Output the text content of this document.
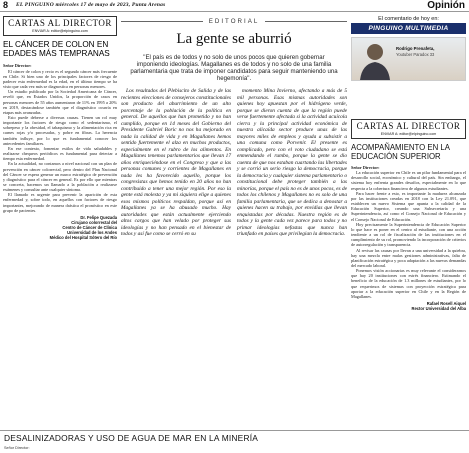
8 EL PINGUINO miércoles 17 de mayo de 2023, Punta Arenas	Opinión
CARTAS AL DIRECTOR
ENVIAR A: editor@elpinguino.com
EL CÁNCER DE COLON EN EDADES MÁS TEMPRANAS
Señor Director:

El cáncer de colon y recto es el segundo cáncer más frecuente en Chile. Si bien uno de los principales factores de riesgo de padecer esta enfermedad es la edad, en el último tiempo se ha visto que cada vez más se diagnostica en personas menores.

Un estudio publicado por la Sociedad Americana de Cáncer, reveló que, en Estados Unidos, la proporción de casos en personas menores de 55 años aumentaron de 11% en 1995 a 20% en 2019, destacándose también que el diagnóstico ocurría en etapas más avanzadas.

Esto puede deberse a diversas causas. Tienen un rol muy importante los factores de riesgo como el sedentarismo, el sobrepeso y la obesidad, el tabaquismo y la alimentación rica en carnes rojas y/o procesadas, y pobre en fibras. La herencia también influye, por lo que es fundamental conocer los antecedentes familiares.

En ese contexto, fomentar estilos de vida saludables y realizarse chequeos periódicos es fundamental para detectar a tiempo esta enfermedad.

En la actualidad, no contamos a nivel nacional con un plan de prevención en cáncer colorrectal, pero dentro del Plan Nacional del Cáncer se espera generar un marco estratégico de prevención y diagnóstico para el cáncer en general. Es por ello que mientras se concreta, hacemos un llamado a la población a realizarse exámenes y consultar ante cualquier síntoma.

El llamado es urgente para prevenir la aparición de esta enfermedad y, sobre todo, en aquellos con factores de riesgo importantes, mejorando de manera drástica el pronóstico en este grupo de pacientes.

Dr. Felipe Quezada
Cirujano colorrectal del
Centro de Cáncer de Clínica
Universidad de los Andes
Médico del Hospital Sótero del Río
EDITORIAL
La gente se aburrió
"El país es de todos y no solo de unos pocos que quieren gobernar imponiendo ideologías. Magallanes es de todos y no solo de una familia parlamentaria que trata de imponer candidatos para seguir manteniendo una hegemonía".

Los resultados del Plebiscito de Salida y de las recientes elecciones de consejeros constitucionales son producto del aburrimiento de un alto porcentaje de la población de la política en general. De aquellos que han prometido y no han cumplido, porque en 14 meses del Gobierno del Presidente Gabriel Boric no nos ha mejorado en nada la calidad de vida y en Magallanes hemos sentido fuertemente el alza en muchos productos, especialmente en el rubro de los alimentos. En Magallanes tenemos parlamentarios que llevan 17 años enriqueciéndose en el Congreso y que a las personas comunes y corrientes de Magallanes en nada les ha favorecido aquello, porque los congresistas que hemos tenido en 20 años no han contribuido a tener una mejor región. Por eso la gente está molesta y ya mi siquiera elige a quienes esos mismos políticos respaldan, porque así en Magallanes ya se ha abusado mucho. Hay autoridades que están actualmente ejerciendo altos cargos que han velado por proteger sus ideologías y no han pensado en el bienestar de todos y así fue como se cerró en su

momento Mina Invierno, afectando a más de 5 mil personas. Esas mismas autoridades son quienes hoy apuestan por el hidrógeno verde, porque se dieron cuenta de que la región puede verse fuertemente afectada si la actividad acuícola cierra y la principal actividad económica de nuestra alicaída sector produce unas de las mayores miles de empleos y ayuda a subsistir a una comuna como Porvenir. El presente es complicado, pero con el voto ciudadano se está enmendando el rumbo, porque la gente se dio cuenta de que nos estaban cuartando las libertades y se corrió un serio riesgo la democracia, porque la democracia y cualquier sistema parlamentario o constitucional debe proteger también a las minorías, porque el país no es de unos pocos, es de todos los chilenos y Magallanes no es solo de una familia parlamentaria, que se dedica a denostar a quienes hacen su trabajo, por envidias que llevan enquistadas por décadas. Nuestra región es de todos y la gente cada vez parece para todos y no primar ideologías nefastas que nunca han triunfado en países que privilegian la democracia.

El comentario de hoy en:
PINGUINO MULTIMEDIA
Rodrigo Prenafeta,
Youtuber Paradox 33
CARTAS AL DIRECTOR
ENVIAR A: editor@elpinguino.com
ACOMPAÑAMIENTO EN LA EDUCACIÓN SUPERIOR
Señor Director:

La educación superior en Chile es un pilar fundamental para el desarrollo social, económico y cultural del país. Sin embargo, el sistema hoy enfrenta grandes desafíos, especialmente en lo que respecta a la cobertura financiera de algunos estudiantes.

Para hacer frente a esto, es importante la madurez alcanzada por las instituciones creadas en 2018 con la Ley 21.091, que establecen un nuevo Sistema que apunta a la calidad de la Educación Superior, creando una Subsecretaría y una Superintendencia, así como el Consejo Nacional de Educación y el Consejo Nacional de Educación.

Hoy precisamente la Superintendencia de Educación Superior lo que hace es poner en el centro al estudiante, con una acción tendiente a un rol de fiscalización de las instituciones en el cumplimiento de su rol, promoviendo la incorporación de criterios de autorregulación y transparencia.

Al revisar las causas por llevan a una universidad a la quiebra, hay una mezcla entre malas gestiones administrativas, falta de planificación estratégica y poca adaptación a las nuevas demandas del mercado laboral.

Ponemos visión accionarias es muy relevante el considerarnos que hay 20 instituciones con estrés financiero. Estimando el beneficio de la educación de 1.3 millones de estudiantes, por lo que requerimos de sistemas con proyección estratégica para aportar a la educación superior en Chile y en la Región de Magallanes.

Rafael Rosell Aiquel
Rector Universidad del Alba
DESALINIZADORAS Y USO DE AGUA DE MAR EN LA MINERÍA
Señor Director:
